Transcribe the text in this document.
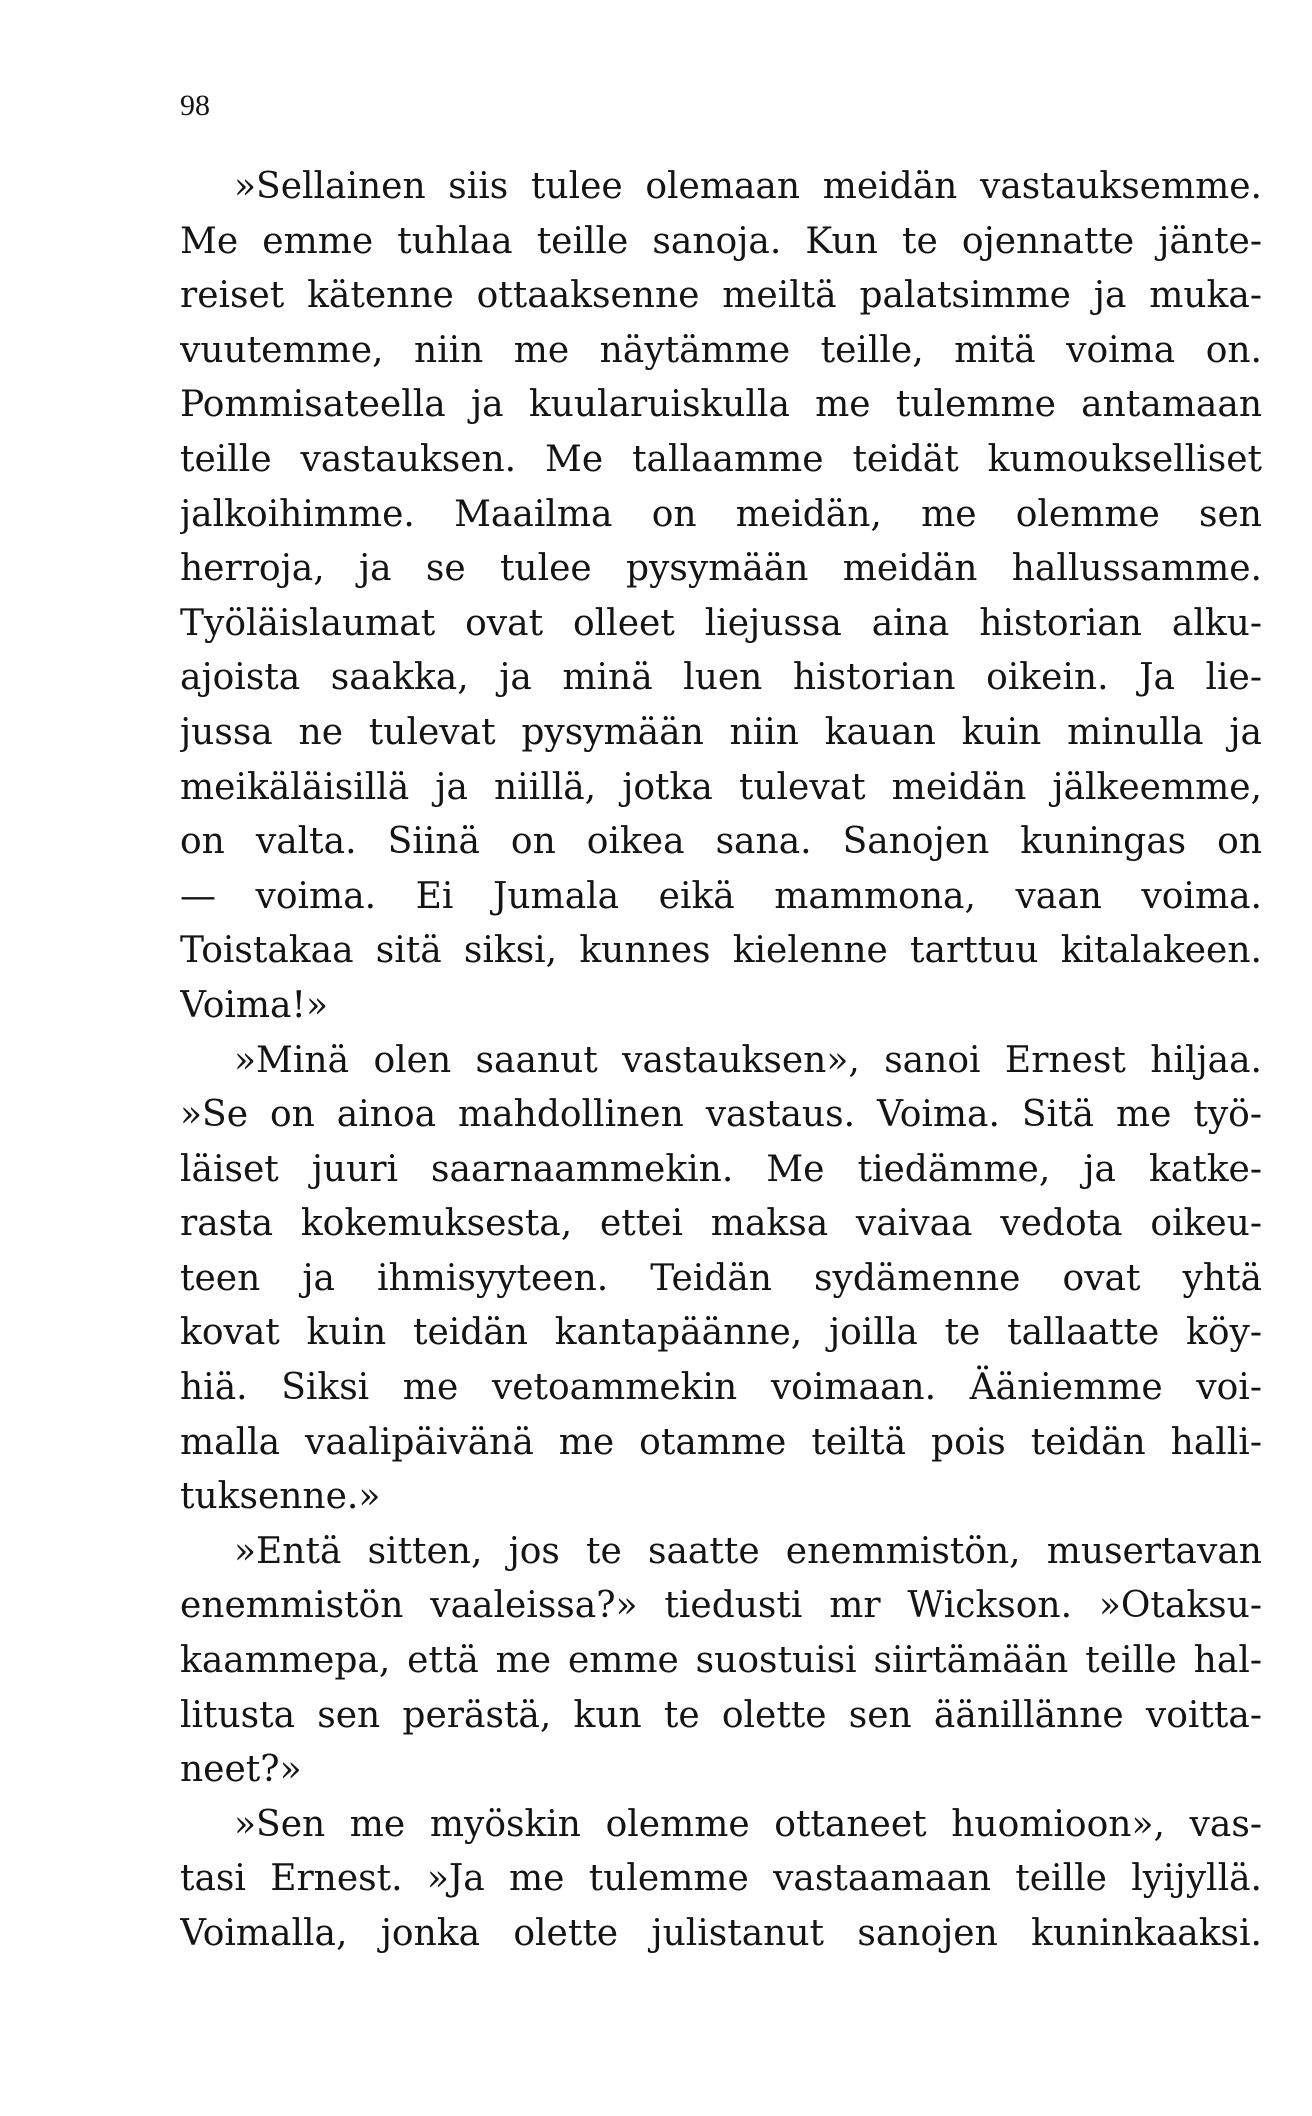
98

»Sellainen siis tulee olemaan meidän vastauksemme.
Me emme tuhlaa teille sanoja. Kun te ojennatte jänte-
reiset kätenne ottaaksenne meiltä palatsimme ja muka-
vuutemme, niin me näytämme teille, mitä voima on.
Pommisateella ja kuularuiskulla me tulemme antamaan
teille vastauksen. Me tallaamme teidät kumoukselliset
jalkoihimme. Maailma on meidän, me olemme sen
herroja, ja se tulee pysymään meidän hallussamme.
Työläislaumat ovat olleet liejussa aina historian alku-
ajoista saakka, ja minä luen historian oikein. Ja lie-
jussa ne tulevat pysymään niin kauan kuin minulla ja
meikäläisillä ja niillä, jotka tulevat meidän jälkeemme,
on valta. Siinä on oikea sana. Sanojen kuningas on
— voima. Ei Jumala eikä mammona, vaan voima.
Toistakaa sitä siksi, kunnes kielenne tarttuu kitalakeen.
Voima!»
»Minä olen saanut vastauksen», sanoi Ernest hiljaa.
»Se on ainoa mahdollinen vastaus. Voima. Sitä me työ-
läiset juuri saarnaammekin. Me tiedämme, ja katke-
rasta kokemuksesta, ettei maksa vaivaa vedota oikeu-
teen ja ihmisyyteen. Teidän sydämenne ovat yhtä
kovat kuin teidän kantapäänne, joilla te tallaatte köy-
hiä. Siksi me vetoammekin voimaan. Ääniemme voi-
malla vaalipäivänä me otamme teiltä pois teidän halli-
tuksenne.»
»Entä sitten, jos te saatte enemmistön, musertavan
enemmistön vaaleissa?» tiedusti mr Wickson. »Otaksu-
kaammepa, että me emme suostuisi siirtämään teille hal-
litusta sen perästä, kun te olette sen äänillänne voitta-
neet?»
»Sen me myöskin olemme ottaneet huomioon», vas-
tasi Ernest. »Ja me tulemme vastaamaan teille lyijyllä.
Voimalla, jonka olette julistanut sanojen kuninkaaksi.
